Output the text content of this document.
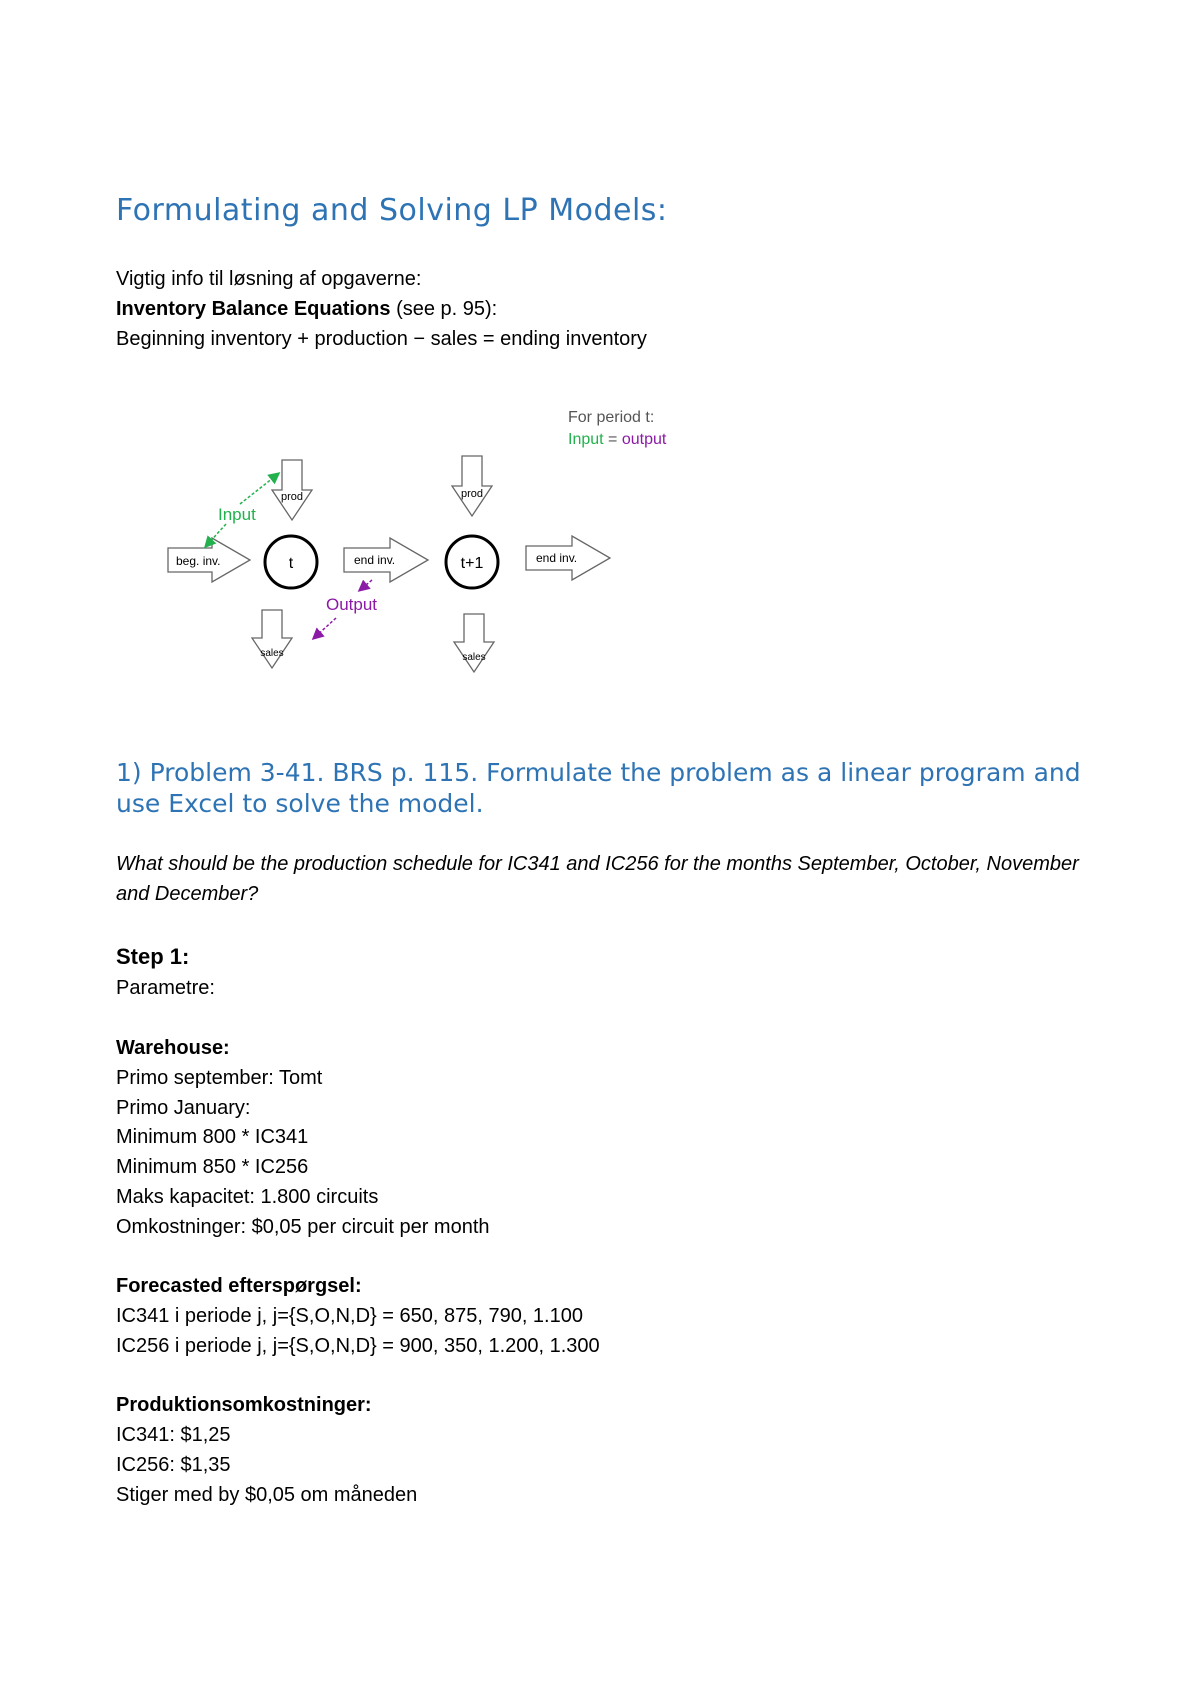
Formulating and Solving LP Models:
Vigtig info til løsning af opgaverne:
Inventory Balance Equations (see p. 95):
Beginning inventory + production − sales = ending inventory
For period t:
Input = output
beg. inv.	t
prod
end inv.
sales
t+1
prod
end inv.
sales
Input
Output
1) Problem 3-41. BRS p. 115. Formulate the problem as a linear program and use Excel to solve the model.
What should be the production schedule for IC341 and IC256 for the months September, October, November and December?
Step 1:
Parametre:
Warehouse:
Primo september: Tomt
Primo January:
Minimum 800 * IC341
Minimum 850 * IC256
Maks kapacitet: 1.800 circuits
Omkostninger: $0,05 per circuit per month
Forecasted efterspørgsel:
IC341 i periode j, j={S,O,N,D} = 650, 875, 790, 1.100
IC256 i periode j, j={S,O,N,D} = 900, 350, 1.200, 1.300
Produktionsomkostninger:
IC341: $1,25
IC256: $1,35
Stiger med by $0,05 om måneden
